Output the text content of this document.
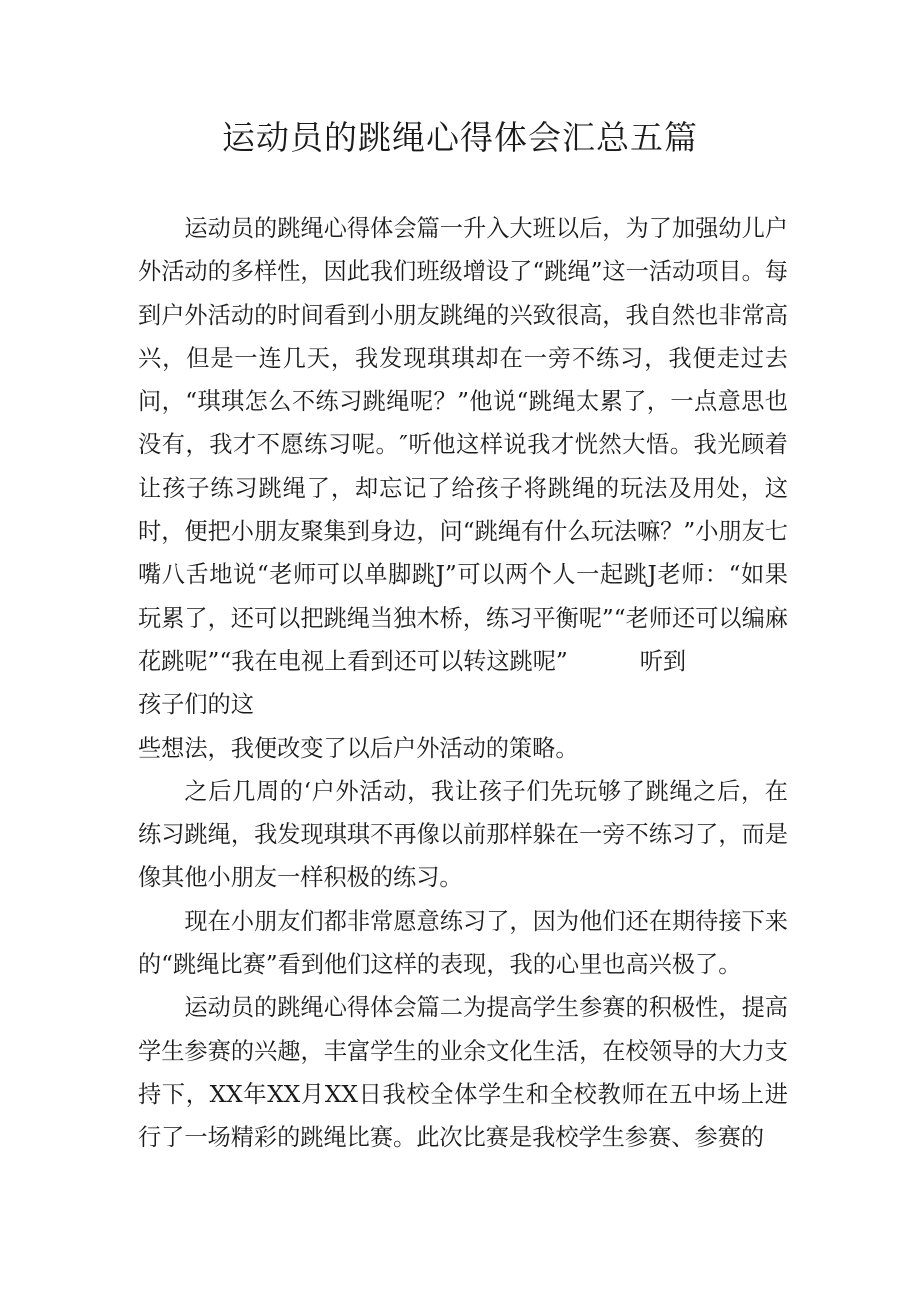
运动员的跳绳心得体会汇总五篇

运动员的跳绳心得体会篇一升入大班以后，为了加强幼儿户外活动的多样性，因此我们班级增设了“跳绳”这一活动项目。每到户外活动的时间看到小朋友跳绳的兴致很高，我自然也非常高兴，但是一连几天，我发现琪琪却在一旁不练习，我便走过去问，“琪琪怎么不练习跳绳呢？”他说“跳绳太累了，一点意思也没有，我才不愿练习呢。″听他这样说我才恍然大悟。我光顾着让孩子练习跳绳了，却忘记了给孩子将跳绳的玩法及用处，这时，便把小朋友聚集到身边，问“跳绳有什么玩法嘛？”小朋友七嘴八舌地说“老师可以单脚跳J”可以两个人一起跳J老师：“如果玩累了，还可以把跳绳当独木桥，练习平衡呢”“老师还可以编麻花跳呢”“我在电视上看到还可以转这跳呢”	听到

孩子们的这

些想法，我便改变了以后户外活动的策略。

之后几周的‘户外活动，我让孩子们先玩够了跳绳之后，在练习跳绳，我发现琪琪不再像以前那样躲在一旁不练习了，而是像其他小朋友一样积极的练习。

现在小朋友们都非常愿意练习了，因为他们还在期待接下来的“跳绳比赛”看到他们这样的表现，我的心里也高兴极了。

运动员的跳绳心得体会篇二为提高学生参赛的积极性，提高学生参赛的兴趣，丰富学生的业余文化生活，在校领导的大力支持下，XX年XX月XX日我校全体学生和全校教师在五中场上进行了一场精彩的跳绳比赛。此次比赛是我校学生参赛、参赛的
